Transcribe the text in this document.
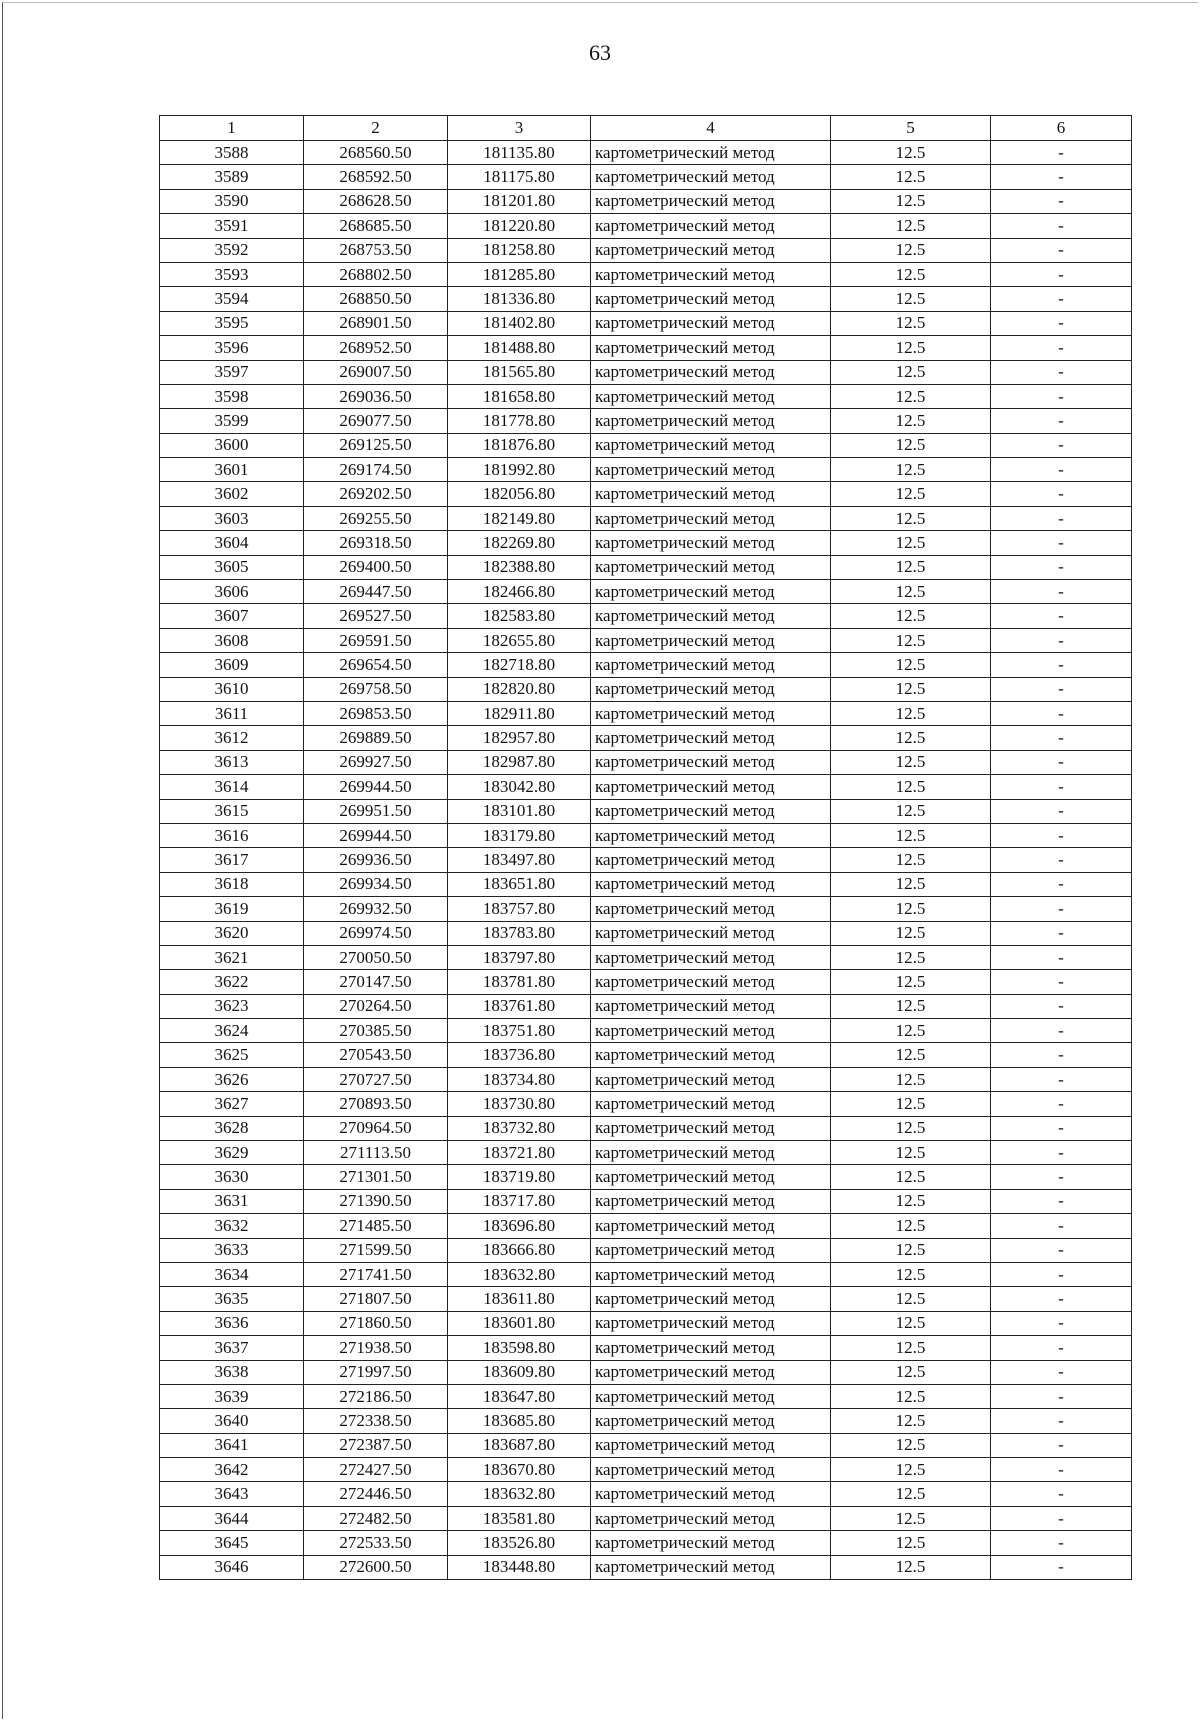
63
1	2	3	4	5	6
3588	268560.50	181135.80	картометрический метод	12.5	-
3589	268592.50	181175.80	картометрический метод	12.5	-
3590	268628.50	181201.80	картометрический метод	12.5	-
3591	268685.50	181220.80	картометрический метод	12.5	-
3592	268753.50	181258.80	картометрический метод	12.5	-
3593	268802.50	181285.80	картометрический метод	12.5	-
3594	268850.50	181336.80	картометрический метод	12.5	-
3595	268901.50	181402.80	картометрический метод	12.5	-
3596	268952.50	181488.80	картометрический метод	12.5	-
3597	269007.50	181565.80	картометрический метод	12.5	-
3598	269036.50	181658.80	картометрический метод	12.5	-
3599	269077.50	181778.80	картометрический метод	12.5	-
3600	269125.50	181876.80	картометрический метод	12.5	-
3601	269174.50	181992.80	картометрический метод	12.5	-
3602	269202.50	182056.80	картометрический метод	12.5	-
3603	269255.50	182149.80	картометрический метод	12.5	-
3604	269318.50	182269.80	картометрический метод	12.5	-
3605	269400.50	182388.80	картометрический метод	12.5	-
3606	269447.50	182466.80	картометрический метод	12.5	-
3607	269527.50	182583.80	картометрический метод	12.5	-
3608	269591.50	182655.80	картометрический метод	12.5	-
3609	269654.50	182718.80	картометрический метод	12.5	-
3610	269758.50	182820.80	картометрический метод	12.5	-
3611	269853.50	182911.80	картометрический метод	12.5	-
3612	269889.50	182957.80	картометрический метод	12.5	-
3613	269927.50	182987.80	картометрический метод	12.5	-
3614	269944.50	183042.80	картометрический метод	12.5	-
3615	269951.50	183101.80	картометрический метод	12.5	-
3616	269944.50	183179.80	картометрический метод	12.5	-
3617	269936.50	183497.80	картометрический метод	12.5	-
3618	269934.50	183651.80	картометрический метод	12.5	-
3619	269932.50	183757.80	картометрический метод	12.5	-
3620	269974.50	183783.80	картометрический метод	12.5	-
3621	270050.50	183797.80	картометрический метод	12.5	-
3622	270147.50	183781.80	картометрический метод	12.5	-
3623	270264.50	183761.80	картометрический метод	12.5	-
3624	270385.50	183751.80	картометрический метод	12.5	-
3625	270543.50	183736.80	картометрический метод	12.5	-
3626	270727.50	183734.80	картометрический метод	12.5	-
3627	270893.50	183730.80	картометрический метод	12.5	-
3628	270964.50	183732.80	картометрический метод	12.5	-
3629	271113.50	183721.80	картометрический метод	12.5	-
3630	271301.50	183719.80	картометрический метод	12.5	-
3631	271390.50	183717.80	картометрический метод	12.5	-
3632	271485.50	183696.80	картометрический метод	12.5	-
3633	271599.50	183666.80	картометрический метод	12.5	-
3634	271741.50	183632.80	картометрический метод	12.5	-
3635	271807.50	183611.80	картометрический метод	12.5	-
3636	271860.50	183601.80	картометрический метод	12.5	-
3637	271938.50	183598.80	картометрический метод	12.5	-
3638	271997.50	183609.80	картометрический метод	12.5	-
3639	272186.50	183647.80	картометрический метод	12.5	-
3640	272338.50	183685.80	картометрический метод	12.5	-
3641	272387.50	183687.80	картометрический метод	12.5	-
3642	272427.50	183670.80	картометрический метод	12.5	-
3643	272446.50	183632.80	картометрический метод	12.5	-
3644	272482.50	183581.80	картометрический метод	12.5	-
3645	272533.50	183526.80	картометрический метод	12.5	-
3646	272600.50	183448.80	картометрический метод	12.5	-
